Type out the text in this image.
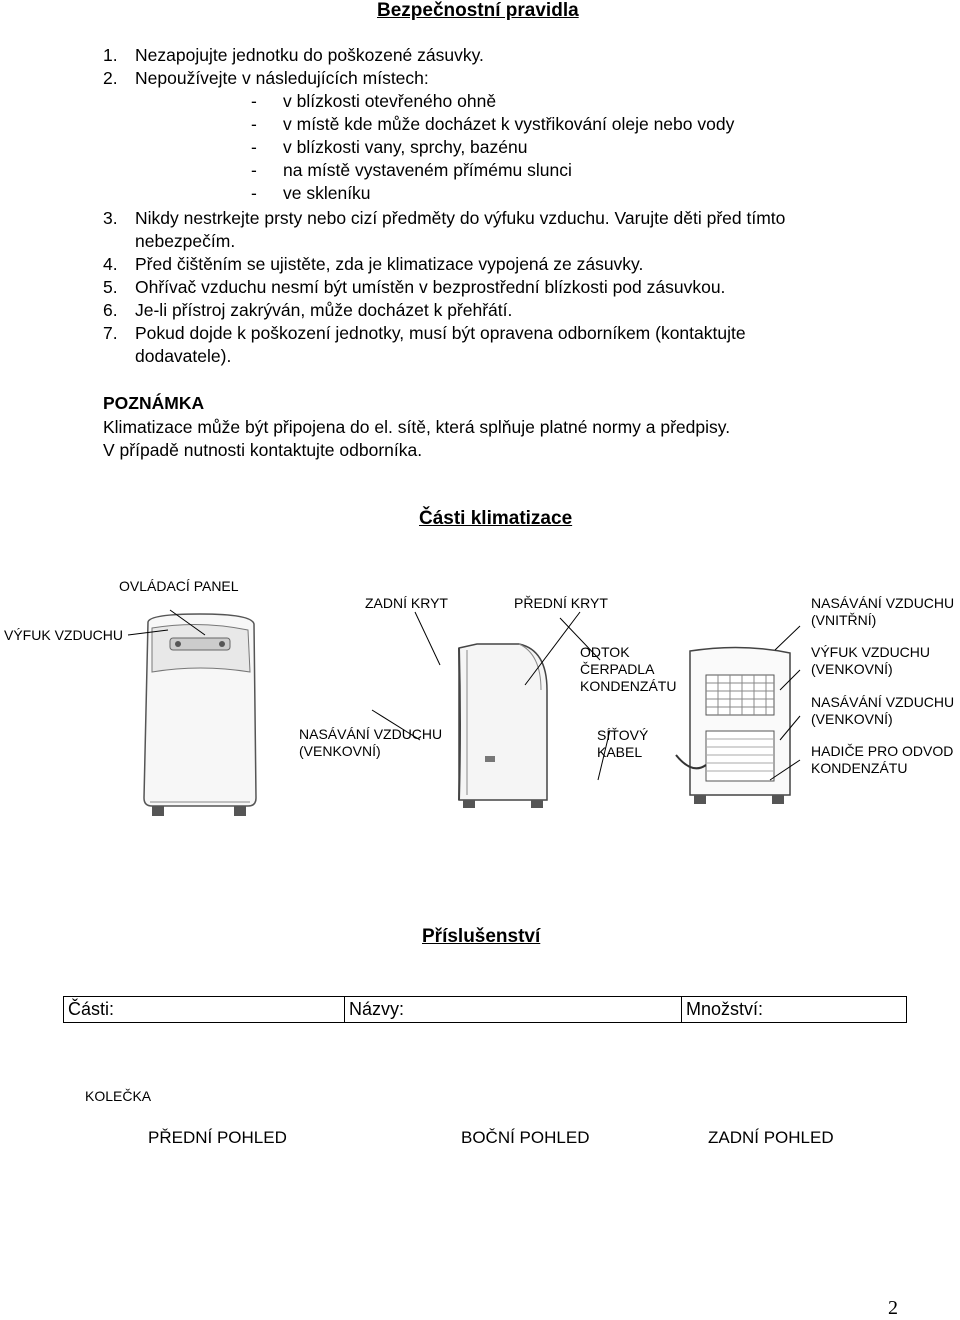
Bezpečnostní pravidla
1. Nezapojujte jednotku do poškozené zásuvky.
2. Nepoužívejte v následujících místech:
- v blízkosti otevřeného ohně
- v místě kde může docházet k vystřikování oleje nebo vody
- v blízkosti vany, sprchy, bazénu
- na místě vystaveném přímému slunci
- ve skleníku
3. Nikdy nestrkejte prsty nebo cizí předměty do výfuku vzduchu. Varujte děti před tímto
nebezpečím.
4. Před čištěním se ujistěte, zda je klimatizace vypojená ze zásuvky.
5. Ohřívač vzduchu nesmí být umístěn v bezprostřední blízkosti pod zásuvkou.
6. Je-li přístroj zakrýván, může docházet k přehřátí.
7. Pokud dojde k poškození jednotky, musí být opravena odborníkem (kontaktujte
dodavatele).
POZNÁMKA
Klimatizace může být připojena do el. sítě, která splňuje platné normy a předpisy.
V případě nutnosti kontaktujte odborníka.
Části klimatizace
OVLÁDACÍ PANEL
VÝFUK VZDUCHU
ZADNÍ KRYT	PŘEDNÍ KRYT	NASÁVÁNÍ VZDUCHU
(VNITŘNÍ)
ODTOK
ČERPADLA
KONDENZÁTU
VÝFUK VZDUCHU
(VENKOVNÍ)
NASÁVÁNÍ VZDUCHU
(VENKOVNÍ)
NASÁVÁNÍ VZDUCHU
(VENKOVNÍ)
SÍŤOVÝ
KABEL	HADIČE PRO ODVOD
KONDENZÁTU
Příslušenství
Části:	Názvy:	Množství:
KOLEČKA
PŘEDNÍ POHLED	BOČNÍ POHLED	ZADNÍ POHLED
2
